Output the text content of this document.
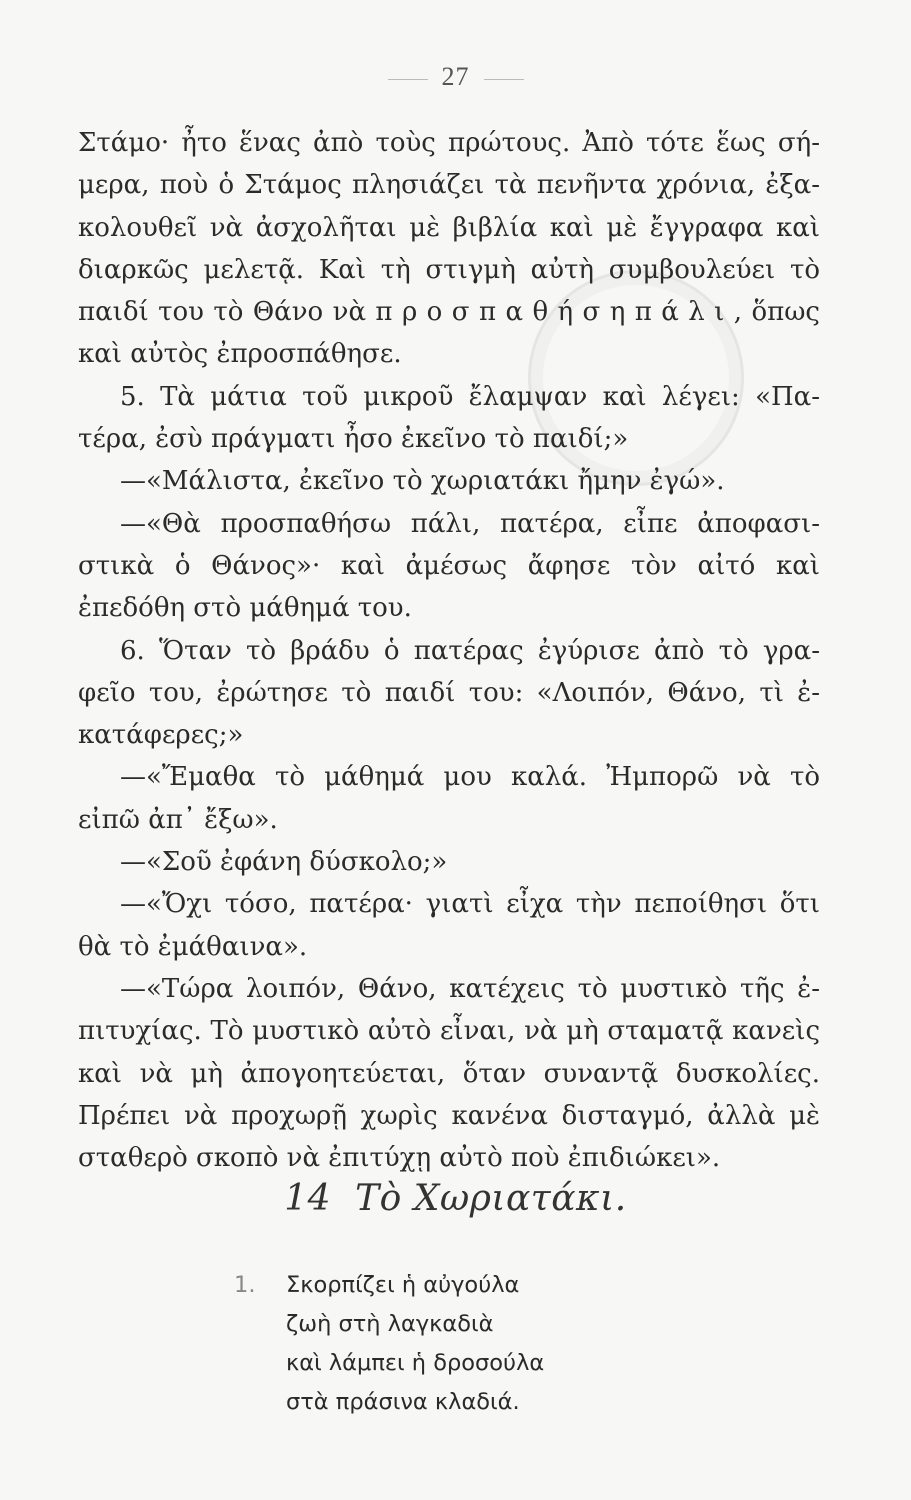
27
Στάμο· ἦτο ἕνας ἀπὸ τοὺς πρώτους. Ἀπὸ τότε ἕως σή-
μερα, ποὺ ὁ Στάμος πλησιάζει τὰ πενῆντα χρόνια, ἐξα-
κολουθεῖ νὰ ἀσχολῆται μὲ βιβλία καὶ μὲ ἔγγραφα καὶ
διαρκῶς μελετᾷ. Καὶ τὴ στιγμὴ αὐτὴ συμβουλεύει τὸ
παιδί του τὸ Θάνο νὰ π ρ ο σ π α θ ή σ η π ά λ ι , ὅπως
καὶ αὐτὸς ἐπροσπάθησε.
5. Τὰ μάτια τοῦ μικροῦ ἔλαμψαν καὶ λέγει: «Πα-
τέρα, ἐσὺ πράγματι ἦσο ἐκεῖνο τὸ παιδί;»
—«Μάλιστα, ἐκεῖνο τὸ χωριατάκι ἤμην ἐγώ».
—«Θὰ προσπαθήσω πάλι, πατέρα, εἶπε ἀποφασι-
στικὰ ὁ Θάνος»· καὶ ἀμέσως ἄφησε τὸν αἰτό καὶ
ἐπεδόθη στὸ μάθημά του.
6. Ὅταν τὸ βράδυ ὁ πατέρας ἐγύρισε ἀπὸ τὸ γρα-
φεῖο του, ἐρώτησε τὸ παιδί του: «Λοιπόν, Θάνο, τὶ ἐ-
κατάφερες;»
—«Ἔμαθα τὸ μάθημά μου καλά. Ἠμπορῶ νὰ τὸ
εἰπῶ ἀπ᾿ ἔξω».
—«Σοῦ ἐφάνη δύσκολο;»
—«Ὄχι τόσο, πατέρα· γιατὶ εἶχα τὴν πεποίθησι ὅτι
θὰ τὸ ἐμάθαινα».
—«Τώρα λοιπόν, Θάνο, κατέχεις τὸ μυστικὸ τῆς ἐ-
πιτυχίας. Τὸ μυστικὸ αὐτὸ εἶναι, νὰ μὴ σταματᾷ κανεὶς
καὶ νὰ μὴ ἀπογοητεύεται, ὅταν συναντᾷ δυσκολίες.
Πρέπει νὰ προχωρῇ χωρὶς κανένα δισταγμό, ἀλλὰ μὲ
σταθερὸ σκοπὸ νὰ ἐπιτύχῃ αὐτὸ ποὺ ἐπιδιώκει».
14 Τὸ Χωριατάκι.
1.	Σκορπίζει ἡ αὐγούλα
ζωὴ στὴ λαγκαδιὰ
καὶ λάμπει ἡ δροσούλα
στὰ πράσινα κλαδιά.
